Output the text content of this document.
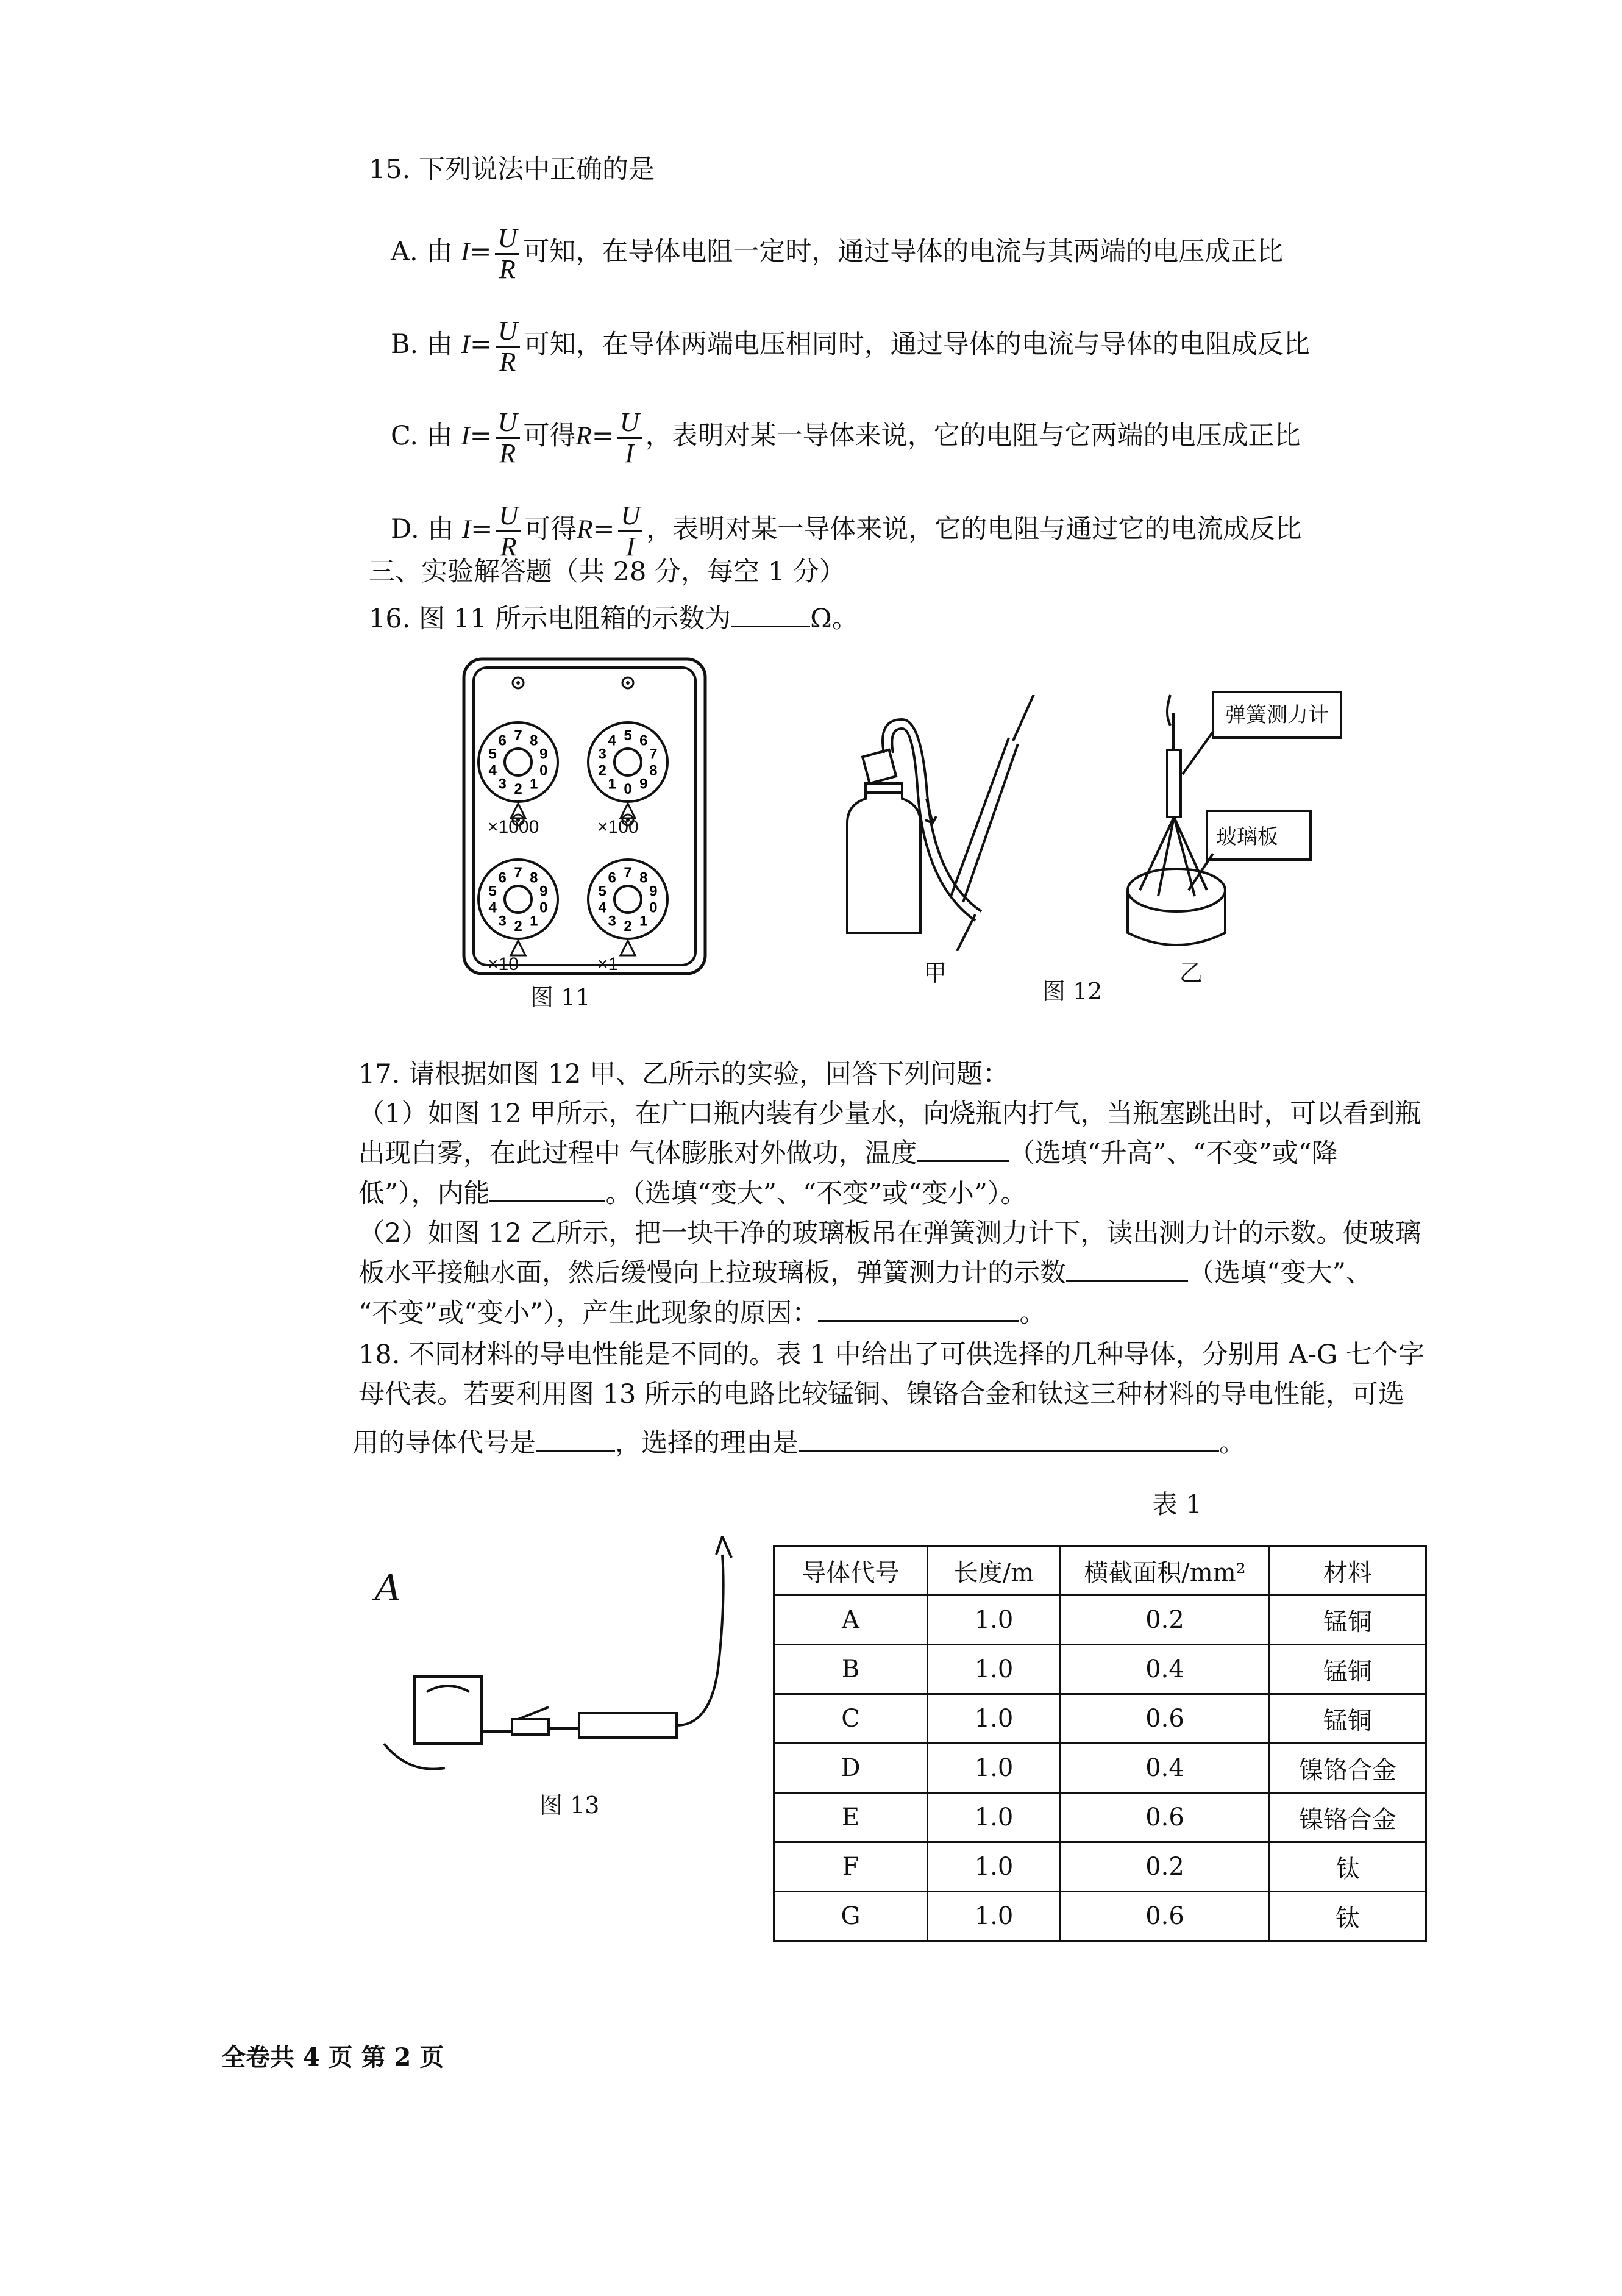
15. 下列说法中正确的是
A. 由 $I= \frac{U}{R}$ 可知，在导体电阻一定时，通过导体的电流与其两端的电压成正比
B. 由 $I= \frac{U}{R}$ 可知，在导体两端电压相同时，通过导体的电流与导体的电阻成反比
C. 由 $I= \frac{U}{R}$ 可得$R= \frac{U}{I}$ ，表明对某一导体来说，它的电阻与它两端的电压成正比
D. 由 $I= \frac{U}{R}$ 可得$R= \frac{U}{I}$ ，表明对某一导体来说，它的电阻与通过它的电流成反比
三、实验解答题（共 28 分，每空 1 分）
16. 图 11 所示电阻箱的示数为	Ω。
0
1
2
3
4
5
6 7 8
9
0
1
2
3
4 5 6
7
8
9
0
1
2
3
4
5
6 7 8
9
0
1
2
3
4
5
6 7 8
9
×1000	×100
×10	×1
图 11
弹簧测力计
玻璃板
甲
图 12
乙
17. 请根据如图 12 甲、乙所示的实验，回答下列问题：
（1）如图 12 甲所示，在广口瓶内装有少量水，向烧瓶内打气，当瓶塞跳出时，可以看到瓶
出现白雾，在此过程中 气体膨胀对外做功，温度	（选填“升高”、“不变”或“降
低”），内能	。（选填“变大”、“不变”或“变小”）。
（2）如图 12 乙所示，把一块干净的玻璃板吊在弹簧测力计下，读出测力计的示数。使玻璃
板水平接触水面，然后缓慢向上拉玻璃板，弹簧测力计的示数	（选填“变大”、
“不变”或“变小”），产生此现象的原因：	。
18. 不同材料的导电性能是不同的。表 1 中给出了可供选择的几种导体，分别用 A-G 七个字
母代表。若要利用图 13 所示的电路比较锰铜、镍铬合金和钛这三种材料的导电性能，可选
用的导体代号是	，选择的理由是	。
A
图 13
表 1
导体代号	长度/m	横截面积/mm²	材料
A	1.0	0.2	锰铜
B	1.0	0.4	锰铜
C	1.0	0.6	锰铜
D	1.0	0.4	镍铬合金
E	1.0	0.6	镍铬合金
F	1.0	0.2	钛
G	1.0	0.6	钛
全卷共 4 页 第 2 页
